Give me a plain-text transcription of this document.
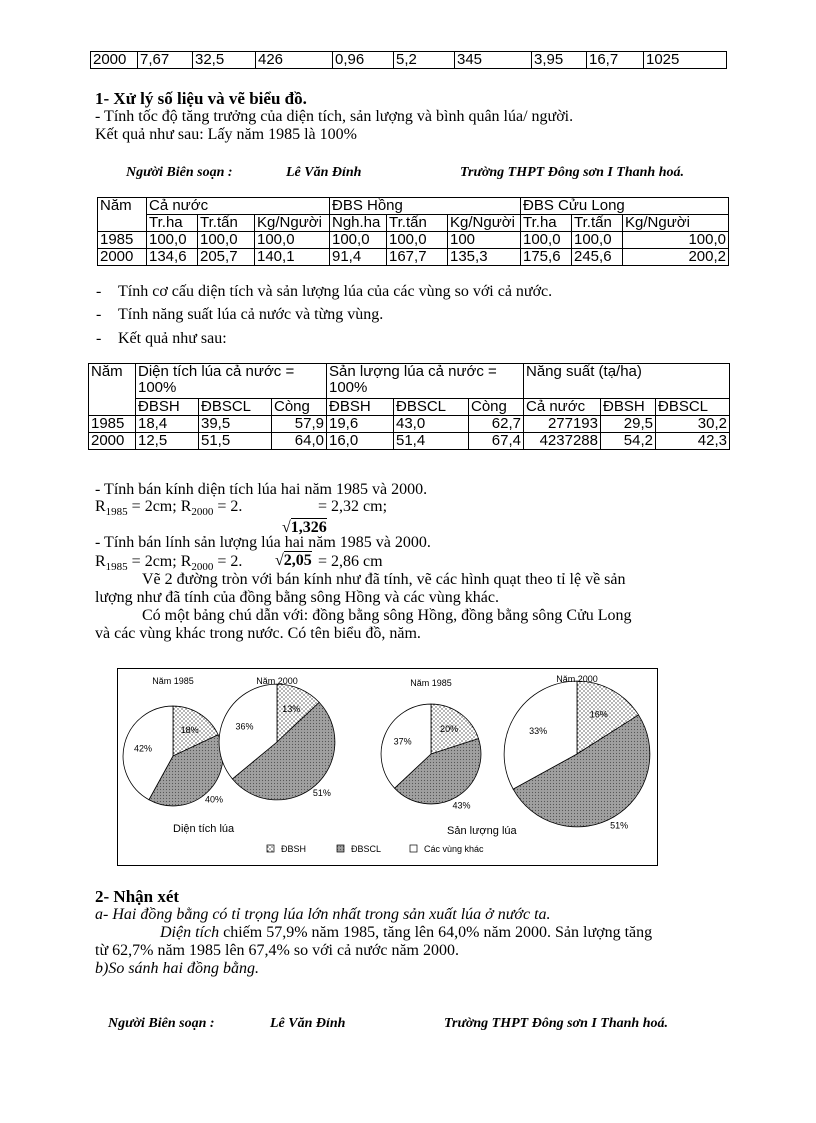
2000	7,67	32,5	426	0,96	5,2	345	3,95	16,7	1025
1- Xử lý số liệu và vẽ biểu đồ.
- Tính tốc độ tăng trưởng của diện tích, sản lượng và bình quân lúa/ người.
Kết quả như sau: Lấy năm 1985 là 100%
Người Biên soạn :	Lê Văn Đỉnh	Trường THPT Đông sơn I Thanh hoá.
Năm	Cả nước			ĐBS Hồng			ĐBS Cửu Long		
	Tr.ha	Tr.tấn	Kg/Người	Ngh.ha	Tr.tấn	Kg/Người	Tr.ha	Tr.tấn	Kg/Người
1985	100,0	100,0	100,0	100,0	100,0	100	100,0	100,0	100,0
2000	134,6	205,7	140,1	91,4	167,7	135,3	175,6	245,6	200,2
- Tính cơ cấu diện tích và sản lượng lúa của các vùng so với cả nước.
- Tính năng suất lúa cả nước và từng vùng.
- Kết quả như sau:
Năm	Diện tích lúa cả nước = 100%			Sản lượng lúa cả nước = 100%			Năng suất (tạ/ha)		
	ĐBSH	ĐBSCL	Còng	ĐBSH	ĐBSCL	Còng	Cả nước	ĐBSH	ĐBSCL
1985	18,4	39,5	57,9	19,6	43,0	62,7	277193	29,5	30,2
2000	12,5	51,5	64,0	16,0	51,4	67,4	4237288	54,2	42,3
- Tính bán kính diện tích lúa hai năm 1985 và 2000.
$R_{1985} = 2cm$; $R_{2000} = 2$.	= 2,32 cm;
- Tính bán lính sản lượng lúa hai năm 1985 và 2000.
√1,326
$R_{1985} = 2cm$; $R_{2000} = 2$. √2,05 = 2,86 cm
Vẽ 2 đường tròn với bán kính như đã tính, vẽ các hình quạt theo tỉ lệ về sản
lượng như đã tính của đồng bằng sông Hồng và các vùng khác.
Có một bảng chú dẫn với: đồng bằng sông Hồng, đồng bằng sông Cửu Long
và các vùng khác trong nước. Có tên biểu đồ, năm.
18%
40%
42%
Năm 1985
13%
51%
36%
Năm 2000
20%
43%
37%
Năm 1985
16%
51%
33%
Năm 2000
Diện tích lúa	Sản lượng lúa
ĐBSH	ĐBSCL	Các vùng khác
2- Nhận xét
a- Hai đồng bằng có tỉ trọng lúa lớn nhất trong sản xuất lúa ở nước ta.
Diện tích chiếm 57,9% năm 1985, tăng lên 64,0% năm 2000. Sản lượng tăng
từ 62,7% năm 1985 lên 67,4% so với cả nước năm 2000.
b)So sánh hai đồng bằng.
Người Biên soạn :	Lê Văn Đỉnh	Trường THPT Đông sơn I Thanh hoá.
